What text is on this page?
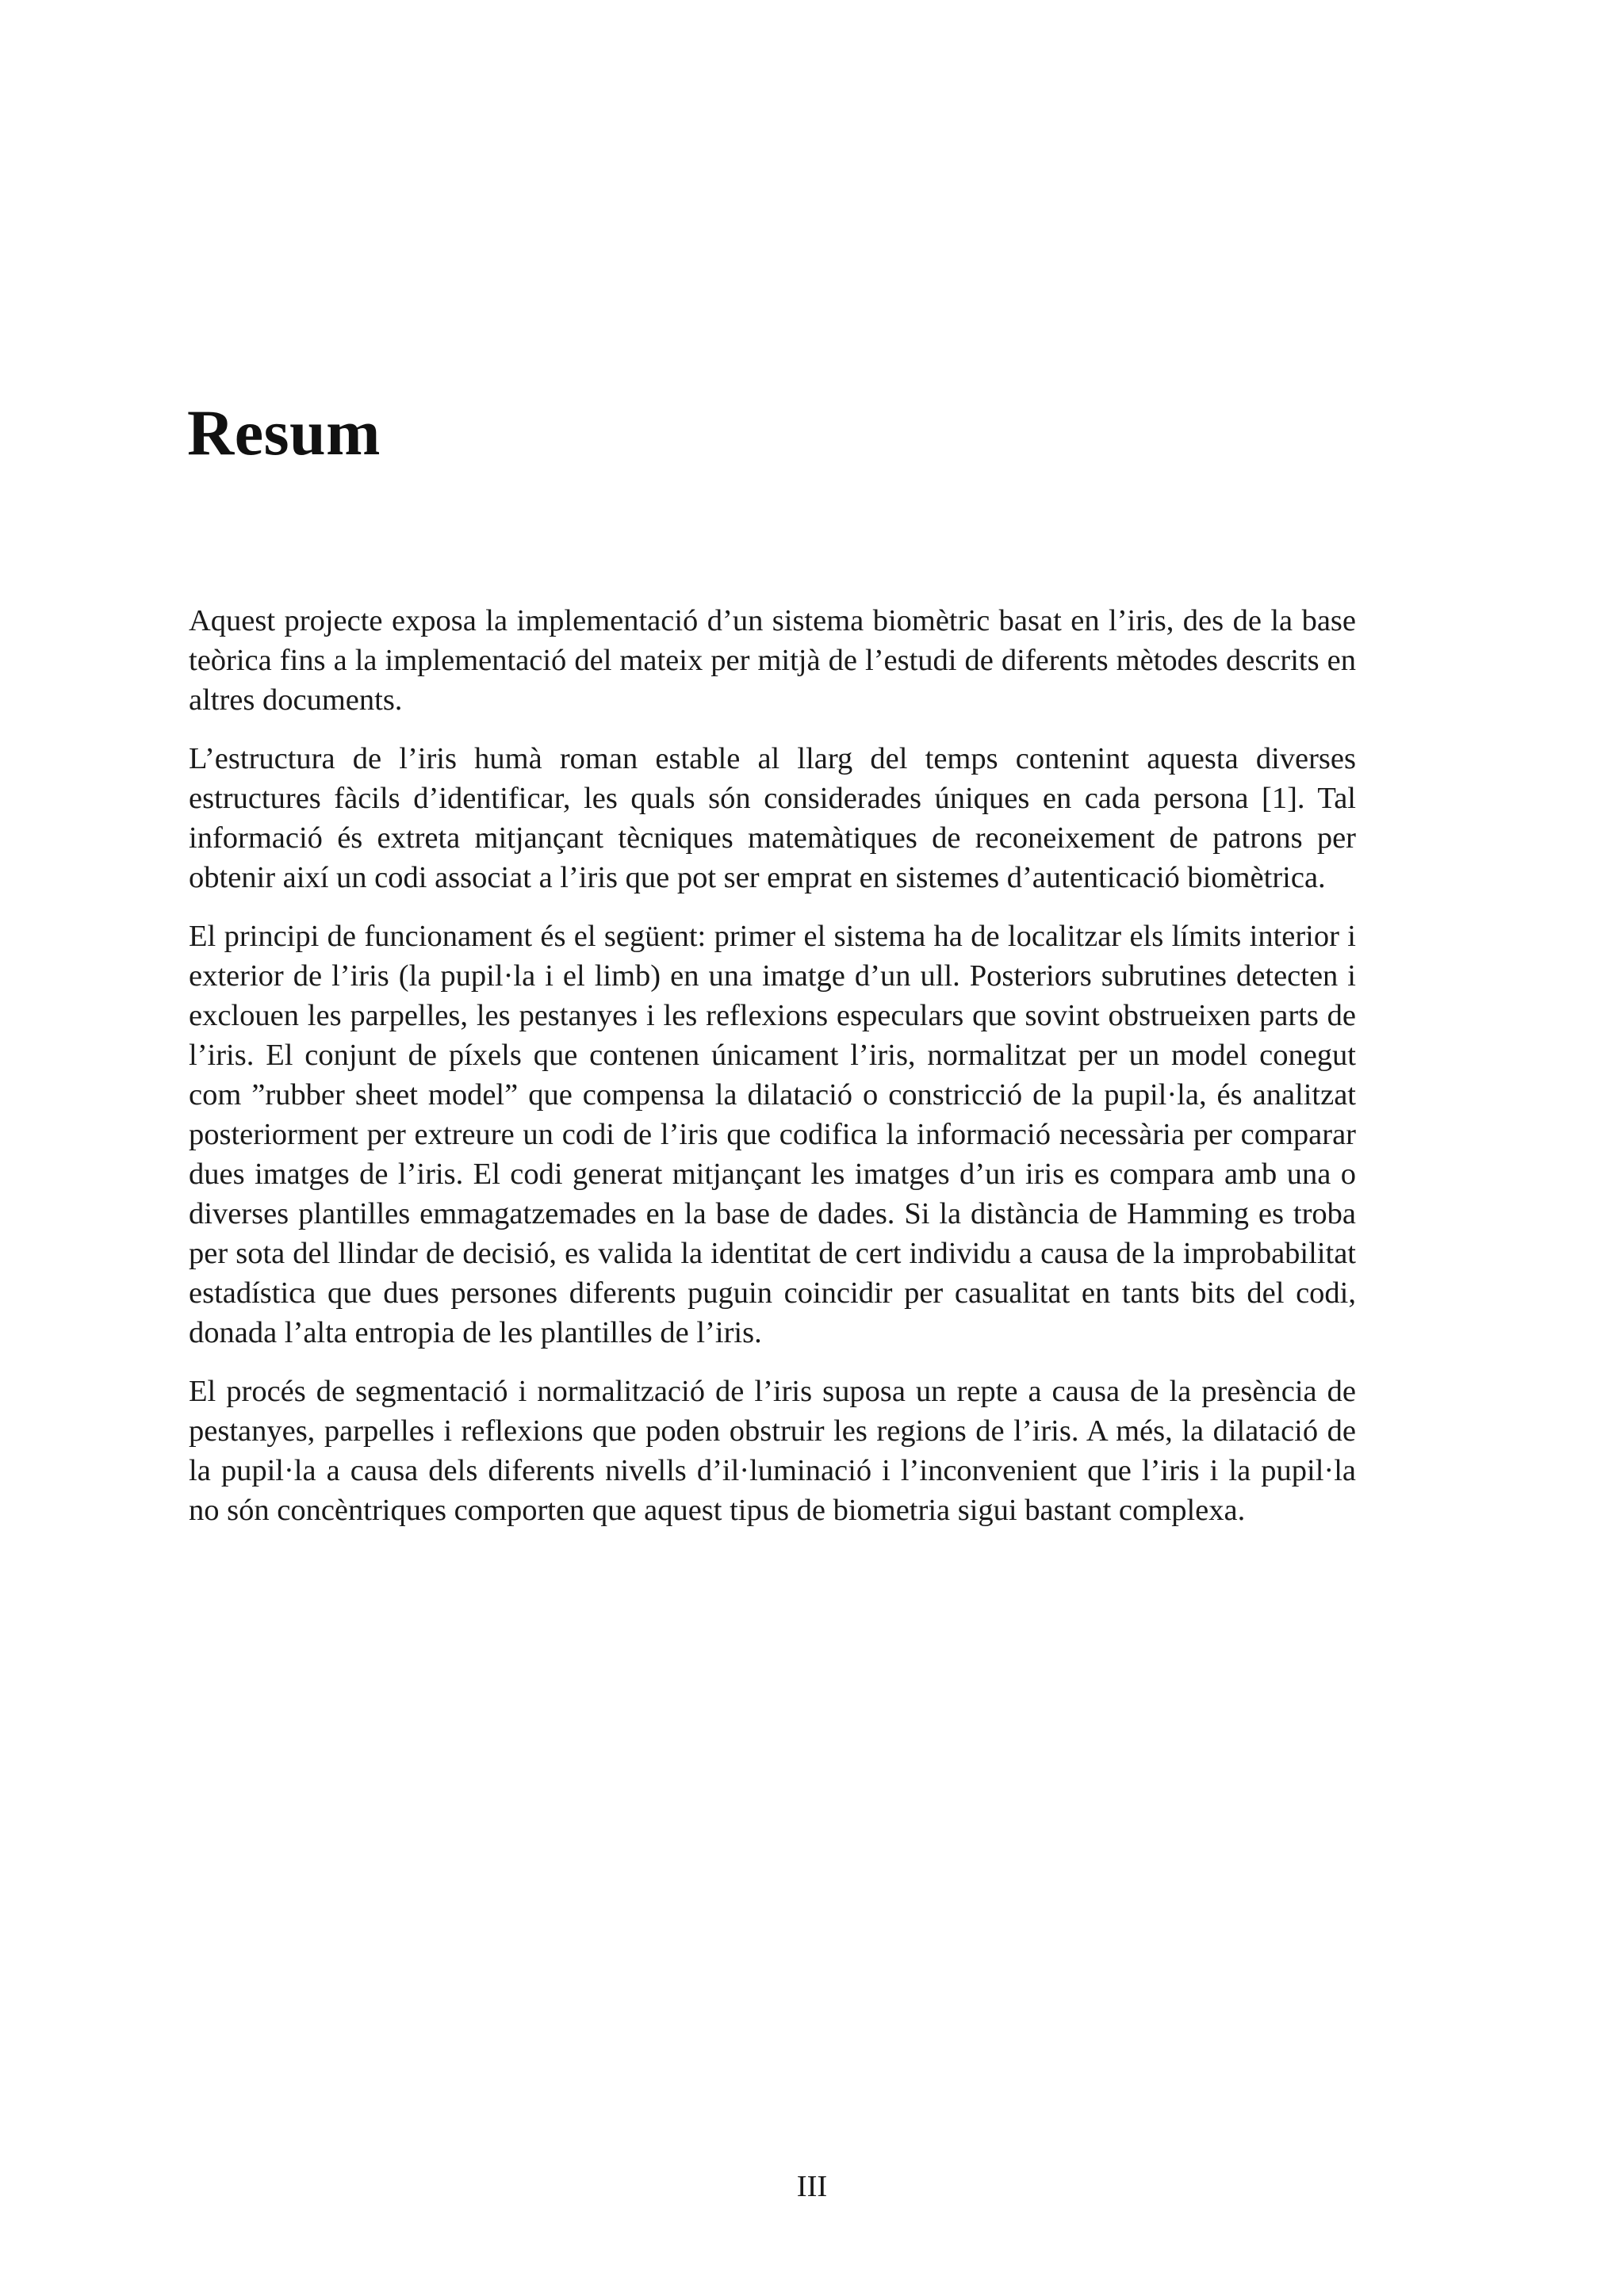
Resum

Aquest projecte exposa la implementació d’un sistema biomètric basat en l’iris, des de la base teòrica fins a la implementació del mateix per mitjà de l’estudi de diferents mètodes descrits en altres documents.

L’estructura de l’iris humà roman estable al llarg del temps contenint aquesta diverses estructures fàcils d’identificar, les quals són considerades úniques en cada persona [1]. Tal informació és extreta mitjançant tècniques matemàtiques de reconeixement de patrons per obtenir així un codi associat a l’iris que pot ser emprat en sistemes d’autenticació biomètrica.

El principi de funcionament és el següent: primer el sistema ha de localitzar els límits interior i exterior de l’iris (la pupil·la i el limb) en una imatge d’un ull. Posteriors subrutines detecten i exclouen les parpelles, les pestanyes i les reflexions especulars que sovint obstrueixen parts de l’iris. El conjunt de píxels que contenen únicament l’iris, normalitzat per un model conegut com ”rubber sheet model” que compensa la dilatació o constricció de la pupil·la, és analitzat posteriorment per extreure un codi de l’iris que codifica la informació necessària per comparar dues imatges de l’iris. El codi generat mitjançant les imatges d’un iris es compara amb una o diverses plantilles emmagatzemades en la base de dades. Si la distància de Hamming es troba per sota del llindar de decisió, es valida la identitat de cert individu a causa de la improbabilitat estadística que dues persones diferents puguin coincidir per casualitat en tants bits del codi, donada l’alta entropia de les plantilles de l’iris.

El procés de segmentació i normalització de l’iris suposa un repte a causa de la presència de pestanyes, parpelles i reflexions que poden obstruir les regions de l’iris. A més, la dilatació de la pupil·la a causa dels diferents nivells d’il·luminació i l’inconvenient que l’iris i la pupil·la no són concèntriques comporten que aquest tipus de biometria sigui bastant complexa.

III
